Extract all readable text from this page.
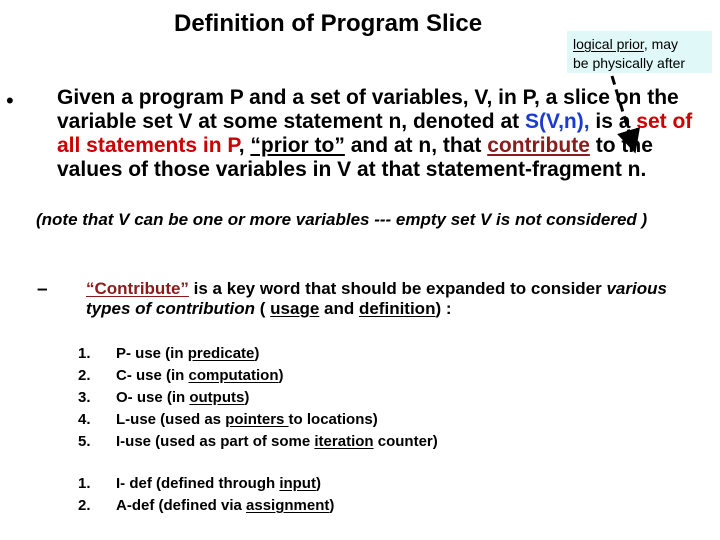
Definition of Program Slice
logical prior, may
be physically after
• Given a program P and a set of variables, V, in P, a slice on the variable set V at some statement n, denoted at S(V,n), is a set of all statements in P, “prior to” and at n, that contribute to the values of those variables in V at that statement-fragment n.
(note that V can be one or more variables --- empty set V is not considered )
– “Contribute” is a key word that should be expanded to consider various types of contribution ( usage and definition) :
1. P- use (in predicate)
2. C- use (in computation)
3. O- use (in outputs)
4. L-use (used as pointers to locations)
5. I-use (used as part of some iteration counter)
1. I- def (defined through input)
2. A-def (defined via assignment)
